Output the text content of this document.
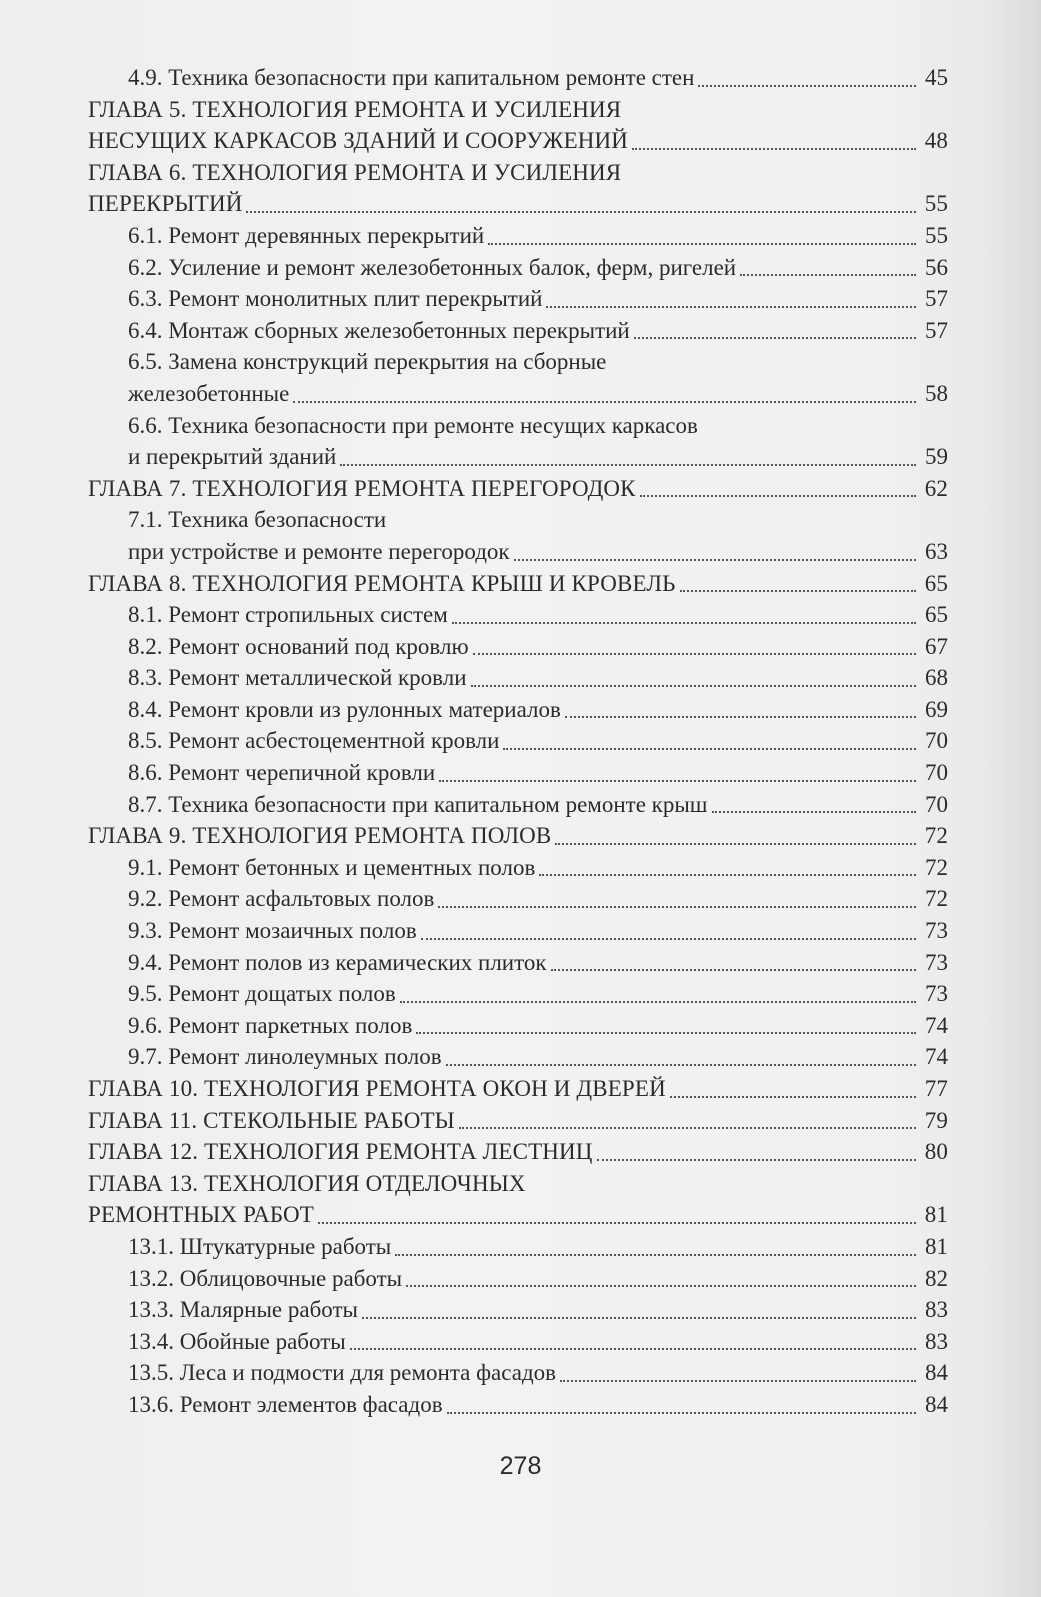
4.9. Техника безопасности при капитальном ремонте стен	45
ГЛАВА 5. ТЕХНОЛОГИЯ РЕМОНТА И УСИЛЕНИЯ
НЕСУЩИХ КАРКАСОВ ЗДАНИЙ И СООРУЖЕНИЙ	48
ГЛАВА 6. ТЕХНОЛОГИЯ РЕМОНТА И УСИЛЕНИЯ
ПЕРЕКРЫТИЙ	55
6.1. Ремонт деревянных перекрытий	55
6.2. Усиление и ремонт железобетонных балок, ферм, ригелей	56
6.3. Ремонт монолитных плит перекрытий	57
6.4. Монтаж сборных железобетонных перекрытий	57
6.5. Замена конструкций перекрытия на сборные
железобетонные	58
6.6. Техника безопасности при ремонте несущих каркасов
и перекрытий зданий	59
ГЛАВА 7. ТЕХНОЛОГИЯ РЕМОНТА ПЕРЕГОРОДОК	62
7.1. Техника безопасности
при устройстве и ремонте перегородок	63
ГЛАВА 8. ТЕХНОЛОГИЯ РЕМОНТА КРЫШ И КРОВЕЛЬ	65
8.1. Ремонт стропильных систем	65
8.2. Ремонт оснований под кровлю	67
8.3. Ремонт металлической кровли	68
8.4. Ремонт кровли из рулонных материалов	69
8.5. Ремонт асбестоцементной кровли	70
8.6. Ремонт черепичной кровли	70
8.7. Техника безопасности при капитальном ремонте крыш	70
ГЛАВА 9. ТЕХНОЛОГИЯ РЕМОНТА ПОЛОВ	72
9.1. Ремонт бетонных и цементных полов	72
9.2. Ремонт асфальтовых полов	72
9.3. Ремонт мозаичных полов	73
9.4. Ремонт полов из керамических плиток	73
9.5. Ремонт дощатых полов	73
9.6. Ремонт паркетных полов	74
9.7. Ремонт линолеумных полов	74
ГЛАВА 10. ТЕХНОЛОГИЯ РЕМОНТА ОКОН И ДВЕРЕЙ	77
ГЛАВА 11. СТЕКОЛЬНЫЕ РАБОТЫ	79
ГЛАВА 12. ТЕХНОЛОГИЯ РЕМОНТА ЛЕСТНИЦ	80
ГЛАВА 13. ТЕХНОЛОГИЯ ОТДЕЛОЧНЫХ
РЕМОНТНЫХ РАБОТ	81
13.1. Штукатурные работы	81
13.2. Облицовочные работы	82
13.3. Малярные работы	83
13.4. Обойные работы	83
13.5. Леса и подмости для ремонта фасадов	84
13.6. Ремонт элементов фасадов	84
278
